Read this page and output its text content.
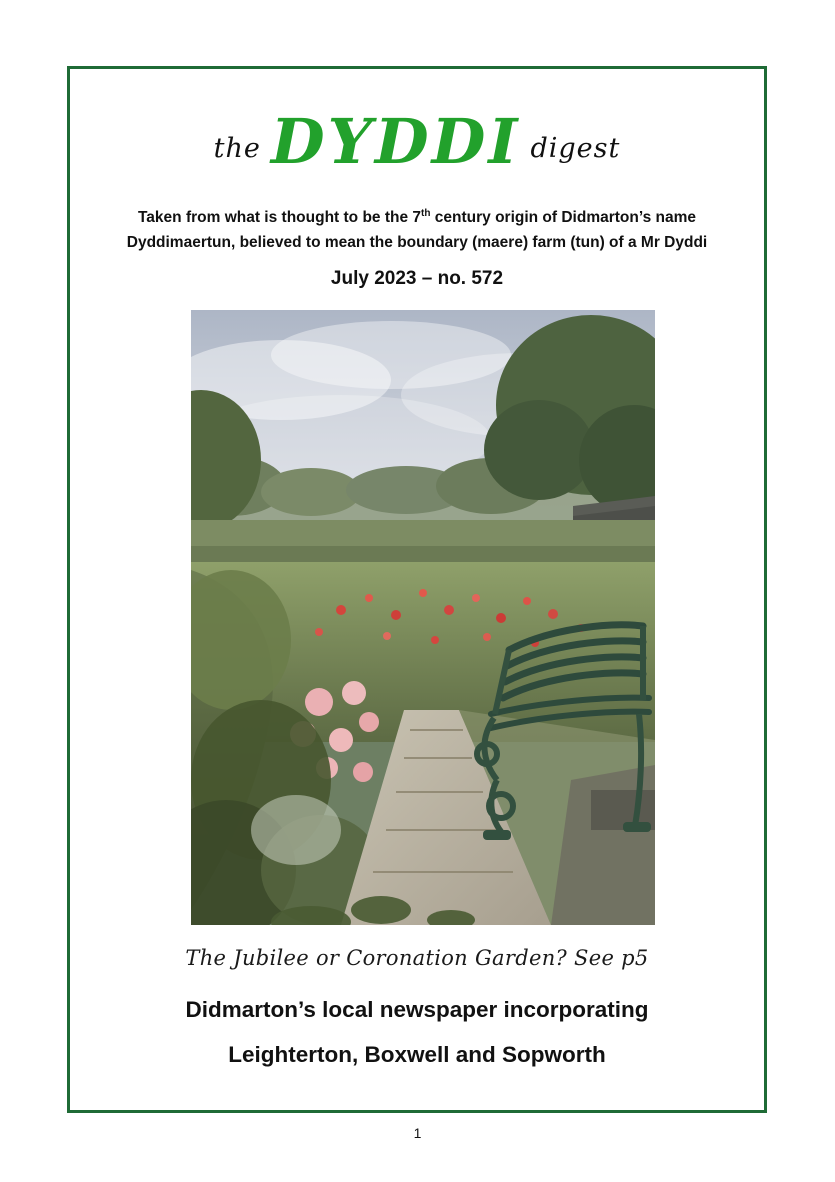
the DYDDI digest
Taken from what is thought to be the 7th century origin of Didmarton’s name
Dyddimaertun, believed to mean the boundary (maere) farm (tun) of a Mr Dyddi
July 2023 – no. 572
The Jubilee or Coronation Garden? See p5
Didmarton’s local newspaper incorporating
Leighterton, Boxwell and Sopworth
1
